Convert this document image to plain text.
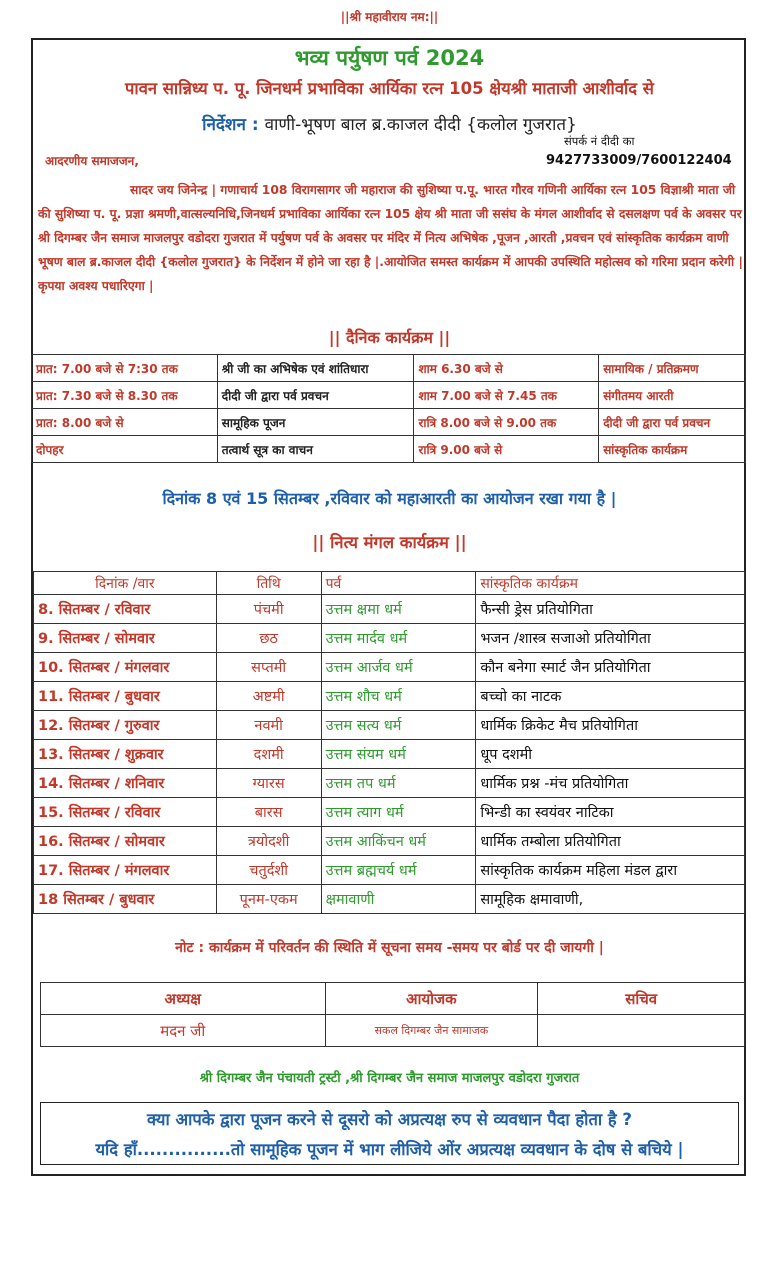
||श्री महावीराय नम:||
भव्य पर्युषण पर्व 2024
पावन सान्निध्य प. पू. जिनधर्म प्रभाविका आर्यिका रत्न 105 क्षेयश्री माताजी आशीर्वाद से
निर्देशन : वाणी-भूषण बाल ब्र.काजल दीदी {कलोल गुजरात}
संपर्क नं दीदी का
9427733009/7600122404
आदरणीय समाजजन,
सादर जय जिनेन्द्र | गणाचार्य 108 विरागसागर जी महाराज की सुशिष्या प.पू. भारत गौरव गणिनी आर्यिका रत्न 105 विज्ञाश्री माता जी की सुशिष्या प. पू. प्रज्ञा श्रमणी,वात्सल्यनिधि,जिनधर्म प्रभाविका आर्यिका रत्न 105 क्षेय श्री माता जी ससंघ के मंगल आशीर्वाद से दसलक्षण पर्व के अवसर पर श्री दिगम्बर जैन समाज माजलपुर वडोदरा गुजरात में पर्युषण पर्व के अवसर पर मंदिर में नित्य अभिषेक ,पूजन ,आरती ,प्रवचन एवं सांस्कृतिक कार्यक्रम वाणी भूषण बाल ब्र.काजल दीदी {कलोल गुजरात} के निर्देशन में होने जा रहा है |.आयोजित समस्त कार्यक्रम में आपकी उपस्थिति महोत्सव को गरिमा प्रदान करेगी |कृपया अवश्य पधारिएगा |
|| दैनिक कार्यक्रम ||
प्रात: 7.00 बजे से 7:30 तक	श्री जी का अभिषेक एवं शांतिधारा	शाम 6.30 बजे से	सामायिक / प्रतिक्रमण
प्रात: 7.30 बजे से 8.30 तक	दीदी जी द्वारा पर्व प्रवचन	शाम 7.00 बजे से 7.45 तक	संगीतमय आरती
प्रात: 8.00 बजे से	सामूहिक पूजन	रात्रि 8.00 बजे से 9.00 तक	दीदी जी द्वारा पर्व प्रवचन
दोपहर	तत्वार्थ सूत्र का वाचन	रात्रि 9.00 बजे से	सांस्कृतिक कार्यक्रम
दिनांक 8 एवं 15 सितम्बर ,रविवार को महाआरती का आयोजन रखा गया है |
|| नित्य मंगल कार्यक्रम ||
दिनांक /वार	तिथि	पर्व	सांस्कृतिक कार्यक्रम
8. सितम्बर / रविवार	पंचमी	उत्तम क्षमा धर्म	फैन्सी ड्रेस प्रतियोगिता
9. सितम्बर / सोमवार	छठ	उत्तम मार्दव धर्म	भजन /शास्त्र सजाओ प्रतियोगिता
10. सितम्बर / मंगलवार	सप्तमी	उत्तम आर्जव धर्म	कौन बनेगा स्मार्ट जैन प्रतियोगिता
11. सितम्बर / बुधवार	अष्टमी	उत्तम शौच धर्म	बच्चो का नाटक
12. सितम्बर / गुरुवार	नवमी	उत्तम सत्य धर्म	धार्मिक क्रिकेट मैच प्रतियोगिता
13. सितम्बर / शुक्रवार	दशमी	उत्तम संयम धर्म	धूप दशमी
14. सितम्बर / शनिवार	ग्यारस	उत्तम तप धर्म	धार्मिक प्रश्न -मंच प्रतियोगिता
15. सितम्बर / रविवार	बारस	उत्तम त्याग धर्म	भिन्डी का स्वयंवर नाटिका
16. सितम्बर / सोमवार	त्रयोदशी	उत्तम आकिंचन धर्म	धार्मिक तम्बोला प्रतियोगिता
17. सितम्बर / मंगलवार	चतुर्दशी	उत्तम ब्रह्मचर्य धर्म	सांस्कृतिक कार्यक्रम महिला मंडल द्वारा
18 सितम्बर / बुधवार	पूनम-एकम	क्षमावाणी	सामूहिक क्षमावाणी,
नोट : कार्यक्रम में परिवर्तन की स्थिति में सूचना समय -समय पर बोर्ड पर दी जायगी |
अध्यक्ष	आयोजक	सचिव
मदन जी	सकल दिगम्बर जैन सामाजक	
श्री दिगम्बर जैन पंचायती ट्रस्टी ,श्री दिगम्बर जैन समाज माजलपुर वडोदरा गुजरात
क्या आपके द्वारा पूजन करने से दूसरो को अप्रत्यक्ष रुप से व्यवधान पैदा होता है ?
यदि हाँ...............तो सामूहिक पूजन में भाग लीजिये ओंर अप्रत्यक्ष व्यवधान के दोष से बचिये |
